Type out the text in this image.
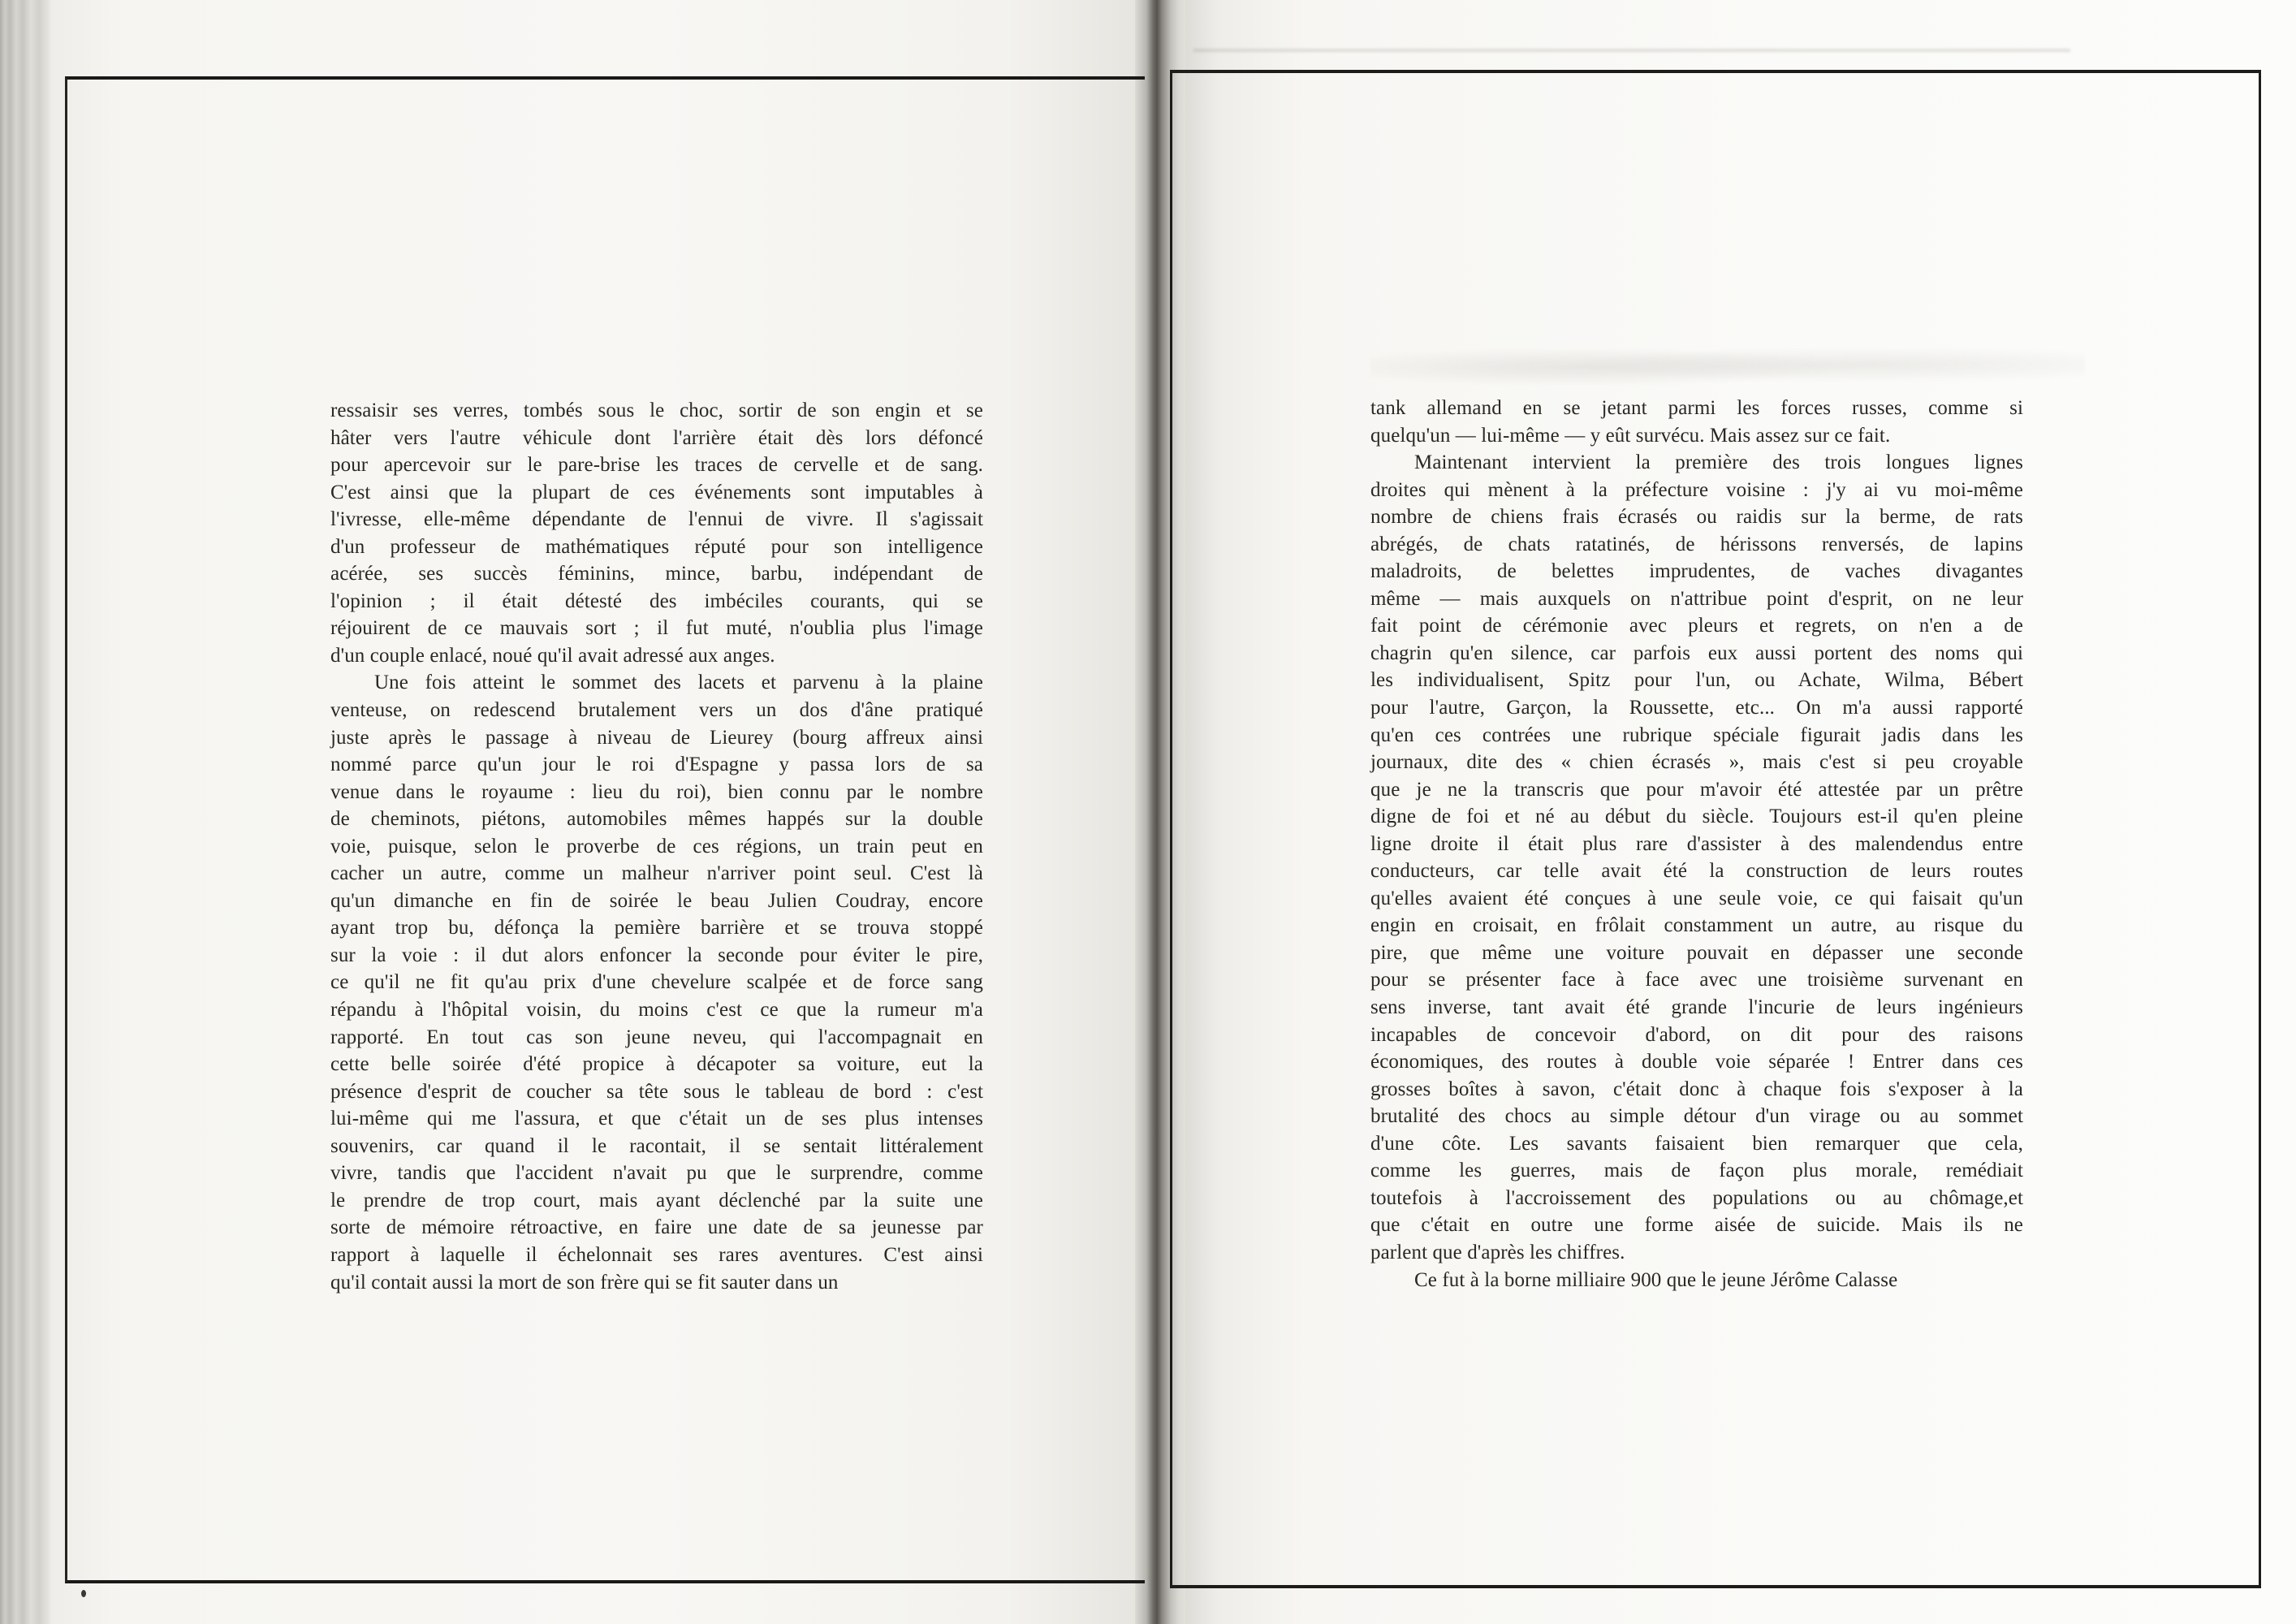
ressaisir ses verres, tombés sous le choc, sortir de son engin et se
hâter vers l'autre véhicule dont l'arrière était dès lors défoncé
pour apercevoir sur le pare-brise les traces de cervelle et de sang.
C'est ainsi que la plupart de ces événements sont imputables à
l'ivresse, elle-même dépendante de l'ennui de vivre. Il s'agissait
d'un professeur de mathématiques réputé pour son intelligence
acérée, ses succès féminins, mince, barbu, indépendant de
l'opinion ; il était détesté des imbéciles courants, qui se
réjouirent de ce mauvais sort ; il fut muté, n'oublia plus l'image
d'un couple enlacé, noué qu'il avait adressé aux anges.
Une fois atteint le sommet des lacets et parvenu à la plaine
venteuse, on redescend brutalement vers un dos d'âne pratiqué
juste après le passage à niveau de Lieurey (bourg affreux ainsi
nommé parce qu'un jour le roi d'Espagne y passa lors de sa
venue dans le royaume : lieu du roi), bien connu par le nombre
de cheminots, piétons, automobiles mêmes happés sur la double
voie, puisque, selon le proverbe de ces régions, un train peut en
cacher un autre, comme un malheur n'arriver point seul. C'est là
qu'un dimanche en fin de soirée le beau Julien Coudray, encore
ayant trop bu, défonça la pemière barrière et se trouva stoppé
sur la voie : il dut alors enfoncer la seconde pour éviter le pire,
ce qu'il ne fit qu'au prix d'une chevelure scalpée et de force sang
répandu à l'hôpital voisin, du moins c'est ce que la rumeur m'a
rapporté. En tout cas son jeune neveu, qui l'accompagnait en
cette belle soirée d'été propice à décapoter sa voiture, eut la
présence d'esprit de coucher sa tête sous le tableau de bord : c'est
lui-même qui me l'assura, et que c'était un de ses plus intenses
souvenirs, car quand il le racontait, il se sentait littéralement
vivre, tandis que l'accident n'avait pu que le surprendre, comme
le prendre de trop court, mais ayant déclenché par la suite une
sorte de mémoire rétroactive, en faire une date de sa jeunesse par
rapport à laquelle il échelonnait ses rares aventures. C'est ainsi
qu'il contait aussi la mort de son frère qui se fit sauter dans un
tank allemand en se jetant parmi les forces russes, comme si
quelqu'un — lui-même — y eût survécu. Mais assez sur ce fait.
Maintenant intervient la première des trois longues lignes
droites qui mènent à la préfecture voisine : j'y ai vu moi-même
nombre de chiens frais écrasés ou raidis sur la berme, de rats
abrégés, de chats ratatinés, de hérissons renversés, de lapins
maladroits, de belettes imprudentes, de vaches divagantes
même — mais auxquels on n'attribue point d'esprit, on ne leur
fait point de cérémonie avec pleurs et regrets, on n'en a de
chagrin qu'en silence, car parfois eux aussi portent des noms qui
les individualisent, Spitz pour l'un, ou Achate, Wilma, Bébert
pour l'autre, Garçon, la Roussette, etc... On m'a aussi rapporté
qu'en ces contrées une rubrique spéciale figurait jadis dans les
journaux, dite des « chien écrasés », mais c'est si peu croyable
que je ne la transcris que pour m'avoir été attestée par un prêtre
digne de foi et né au début du siècle. Toujours est-il qu'en pleine
ligne droite il était plus rare d'assister à des malendendus entre
conducteurs, car telle avait été la construction de leurs routes
qu'elles avaient été conçues à une seule voie, ce qui faisait qu'un
engin en croisait, en frôlait constamment un autre, au risque du
pire, que même une voiture pouvait en dépasser une seconde
pour se présenter face à face avec une troisième survenant en
sens inverse, tant avait été grande l'incurie de leurs ingénieurs
incapables de concevoir d'abord, on dit pour des raisons
économiques, des routes à double voie séparée ! Entrer dans ces
grosses boîtes à savon, c'était donc à chaque fois s'exposer à la
brutalité des chocs au simple détour d'un virage ou au sommet
d'une côte. Les savants faisaient bien remarquer que cela,
comme les guerres, mais de façon plus morale, remédiait
toutefois à l'accroissement des populations ou au chômage,et
que c'était en outre une forme aisée de suicide. Mais ils ne
parlent que d'après les chiffres.
Ce fut à la borne milliaire 900 que le jeune Jérôme Calasse
